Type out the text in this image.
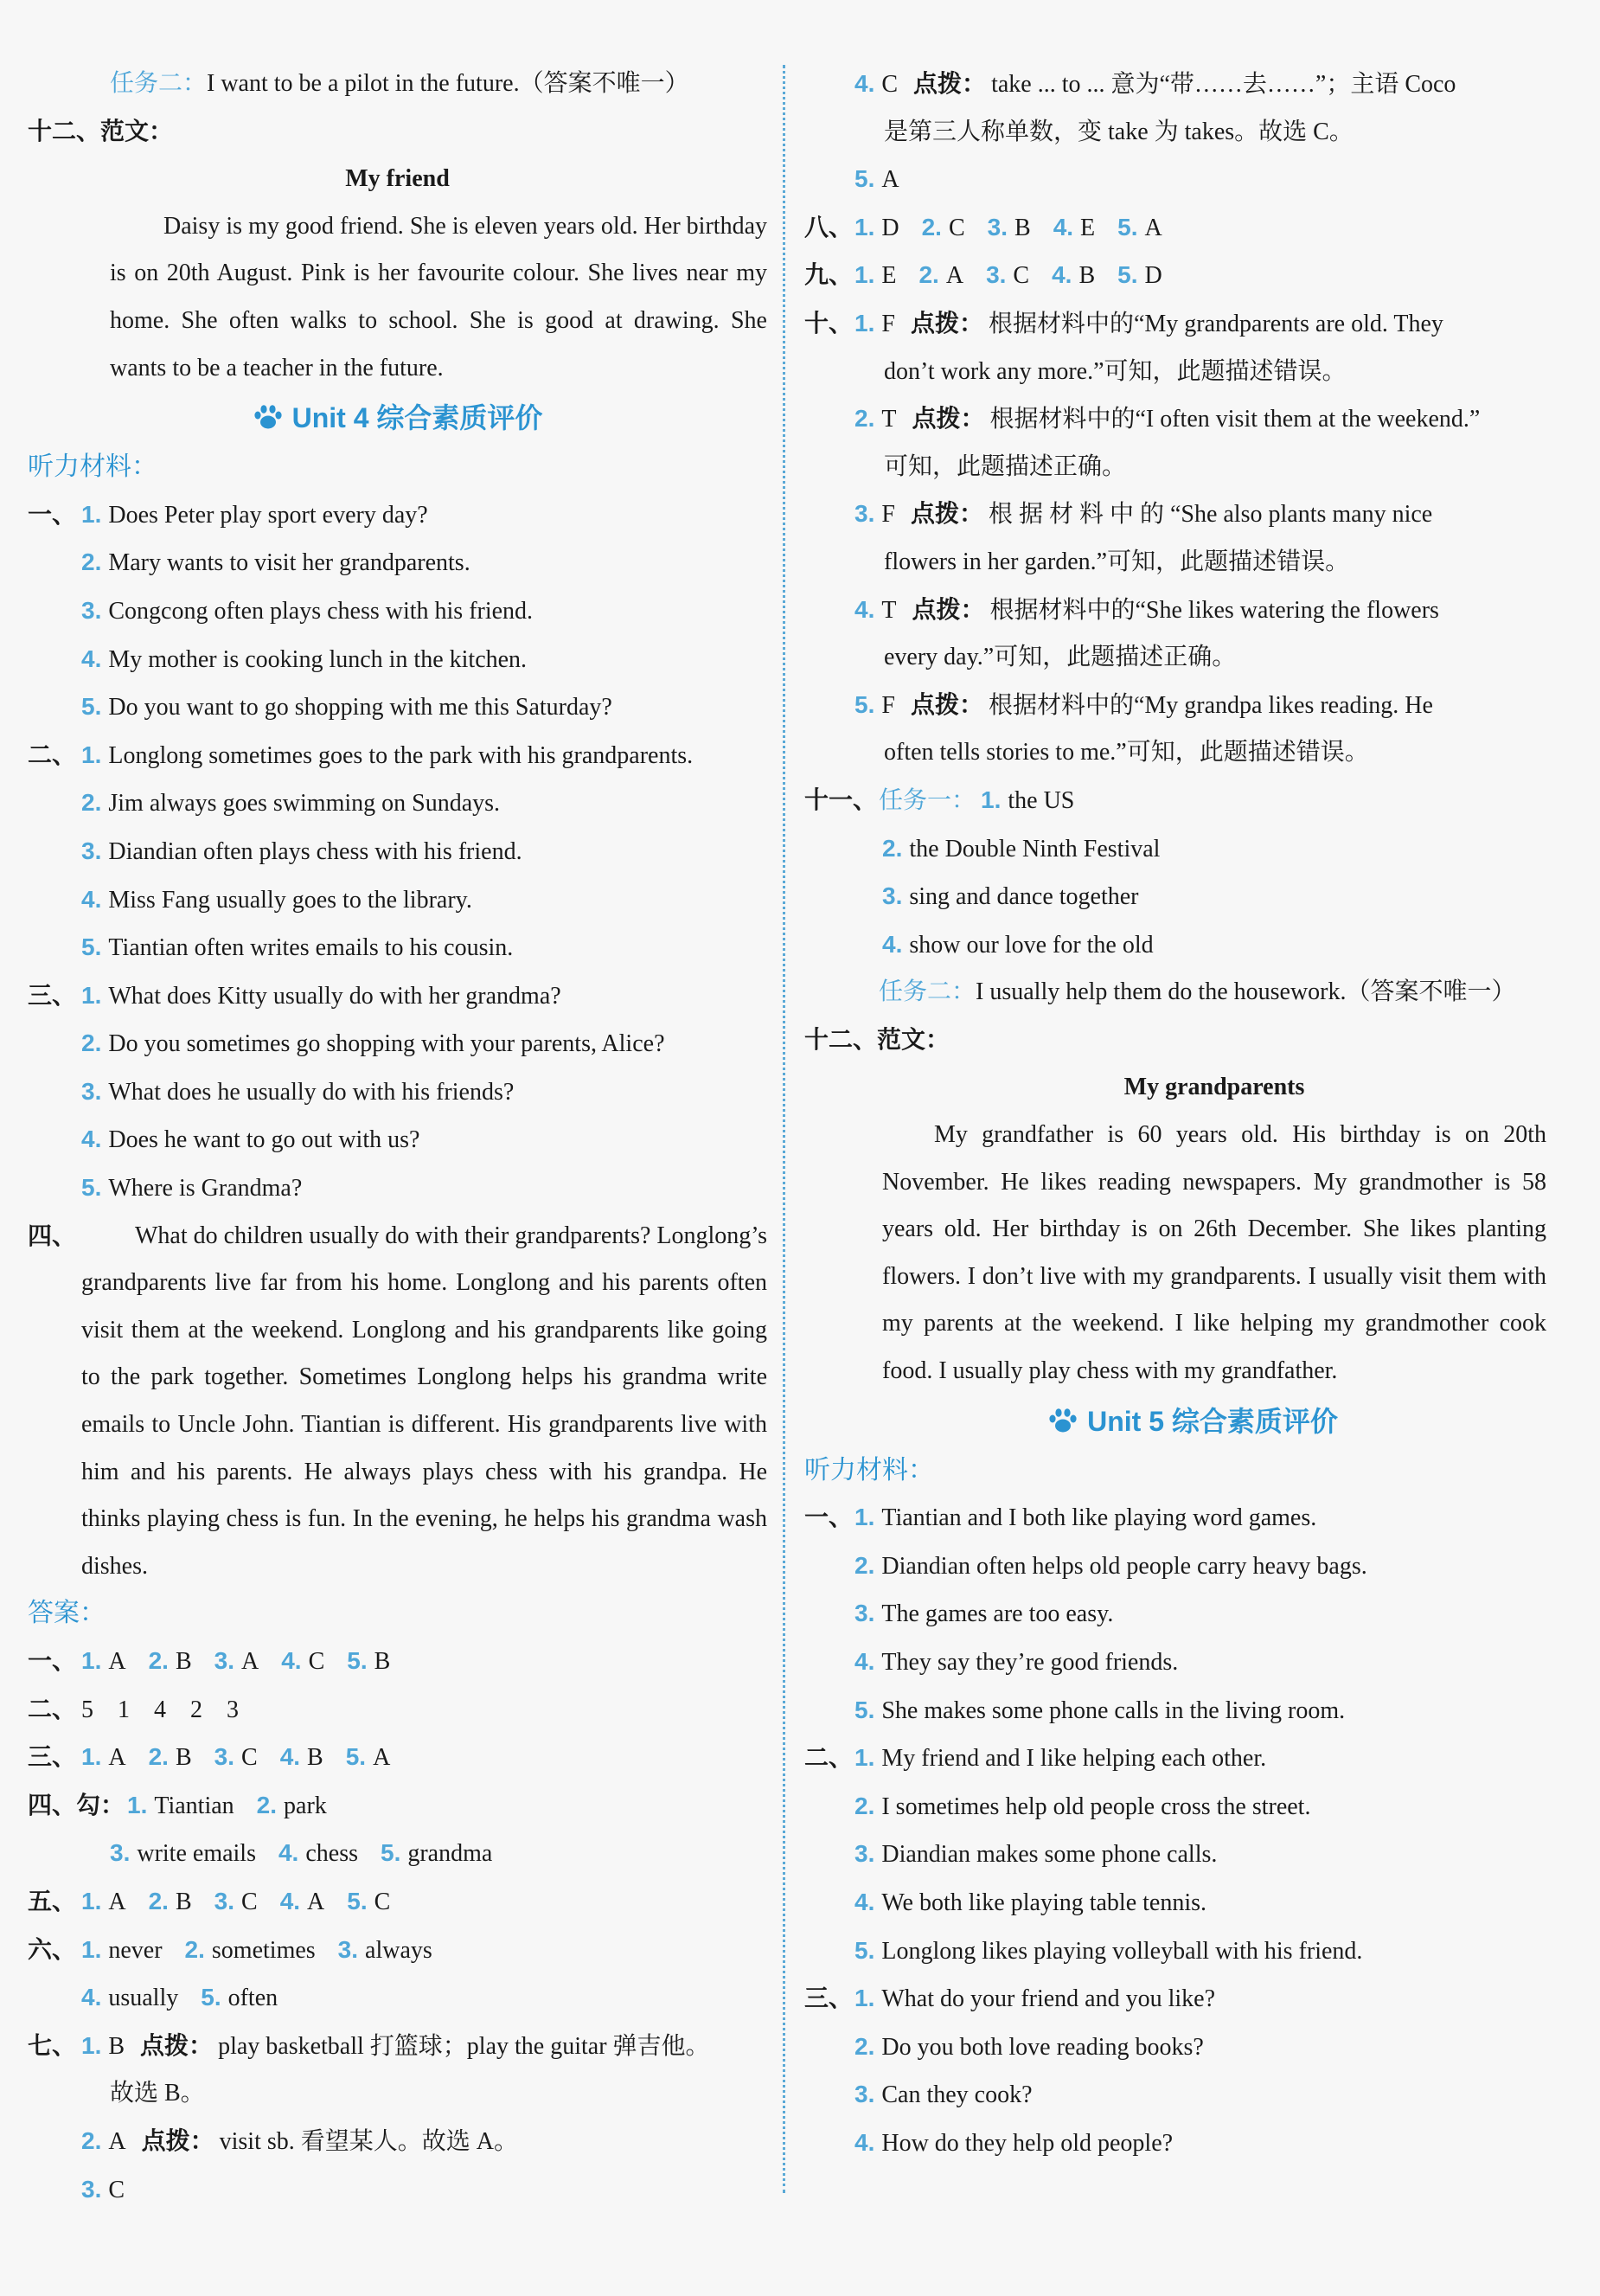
任务二：I want to be a pilot in the future.（答案不唯一）
十二、范文：
My friend
Daisy is my good friend. She is eleven years old. Her birthday is on 20th August. Pink is her favourite colour. She lives near my home. She often walks to school. She is good at drawing. She wants to be a teacher in the future.
Unit 4 综合素质评价
听力材料：
一、 1. Does Peter play sport every day?
2. Mary wants to visit her grandparents.
3. Congcong often plays chess with his friend.
4. My mother is cooking lunch in the kitchen.
5. Do you want to go shopping with me this Saturday?
二、 1. Longlong sometimes goes to the park with his grandparents.
2. Jim always goes swimming on Sundays.
3. Diandian often plays chess with his friend.
4. Miss Fang usually goes to the library.
5. Tiantian often writes emails to his cousin.
三、 1. What does Kitty usually do with her grandma?
2. Do you sometimes go shopping with your parents, Alice?
3. What does he usually do with his friends?
4. Does he want to go out with us?
5. Where is Grandma?
四、	What do children usually do with their grandparents? Longlong’s grandparents live far from his home. Longlong and his parents often visit them at the weekend. Longlong and his grandparents like going to the park together. Sometimes Longlong helps his grandma write emails to Uncle John. Tiantian is different. His grandparents live with him and his parents. He always plays chess with his grandpa. He thinks playing chess is fun. In the evening, he helps his grandma wash dishes.
答案：
一、 1. A 2. B 3. A 4. C 5. B
二、 5　1　4　2　3
三、 1. A 2. B 3. C 4. B 5. A
四、勾： 1. Tiantian 2. park
3. write emails 4. chess 5. grandma
五、 1. A 2. B 3. C 4. A 5. C
六、 1. never 2. sometimes 3. always
4. usually 5. often
七、 1. B 点拨： play basketball 打篮球；play the guitar 弹吉他。
故选 B。
2. A 点拨： visit sb. 看望某人。故选 A。
3. C
4. C 点拨： take ... to ... 意为“带……去……”；主语 Coco
是第三人称单数，变 take 为 takes。故选 C。
5. A
八、1. D 2. C 3. B 4. E 5. A
九、1. E 2. A 3. C 4. B 5. D
十、1. F 点拨： 根据材料中的“My grandparents are old. They
don’t work any more.”可知，此题描述错误。
2. T 点拨： 根据材料中的“I often visit them at the weekend.”
可知，此题描述正确。
3. F 点拨： 根 据 材 料 中 的 “She also plants many nice
flowers in her garden.”可知，此题描述错误。
4. T 点拨： 根据材料中的“She likes watering the flowers
every day.”可知，此题描述正确。
5. F 点拨： 根据材料中的“My grandpa likes reading. He
often tells stories to me.”可知，此题描述错误。
十一、任务一： 1. the US
2. the Double Ninth Festival
3. sing and dance together
4. show our love for the old
任务二：I usually help them do the housework.（答案不唯一）
十二、范文：
My grandparents
My grandfather is 60 years old. His birthday is on 20th November. He likes reading newspapers. My grandmother is 58 years old. Her birthday is on 26th December. She likes planting flowers. I don’t live with my grandparents. I usually visit them with my parents at the weekend. I like helping my grandmother cook food. I usually play chess with my grandfather.
Unit 5 综合素质评价
听力材料：
一、1. Tiantian and I both like playing word games.
2. Diandian often helps old people carry heavy bags.
3. The games are too easy.
4. They say they’re good friends.
5. She makes some phone calls in the living room.
二、1. My friend and I like helping each other.
2. I sometimes help old people cross the street.
3. Diandian makes some phone calls.
4. We both like playing table tennis.
5. Longlong likes playing volleyball with his friend.
三、1. What do your friend and you like?
2. Do you both love reading books?
3. Can they cook?
4. How do they help old people?
